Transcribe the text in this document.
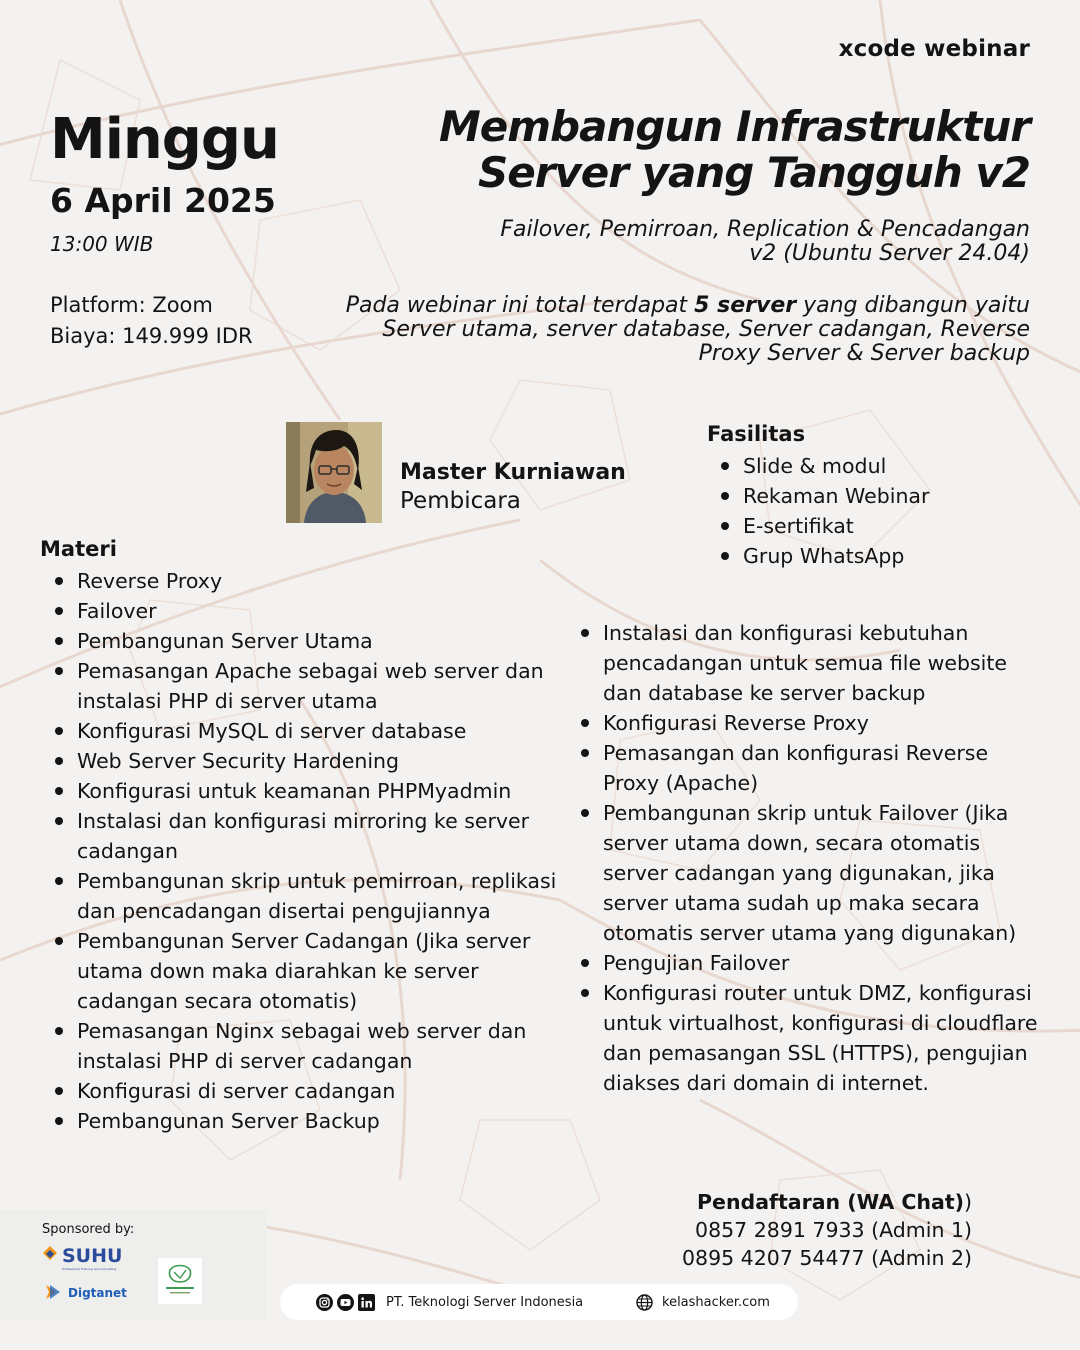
xcode webinar
Minggu
6 April 2025
13:00 WIB
Platform: Zoom
Biaya: 149.999 IDR
Membangun Infrastruktur
Server yang Tangguh v2
Failover, Pemirroan, Replication & Pencadangan v2 (Ubuntu Server 24.04)
Pada webinar ini total terdapat 5 server yang dibangun yaitu Server utama, server database, Server cadangan, Reverse Proxy Server & Server backup
Master Kurniawan
Pembicara
Fasilitas
Slide & modul
Rekaman Webinar
E-sertifikat
Grup WhatsApp
Materi
Reverse Proxy
Failover
Pembangunan Server Utama
Pemasangan Apache sebagai web server dan instalasi PHP di server utama
Konfigurasi MySQL di server database
Web Server Security Hardening
Konfigurasi untuk keamanan PHPMyadmin
Instalasi dan konfigurasi mirroring ke server cadangan
Pembangunan skrip untuk pemirroan, replikasi dan pencadangan disertai pengujiannya
Pembangunan Server Cadangan (Jika server utama down maka diarahkan ke server cadangan secara otomatis)
Pemasangan Nginx sebagai web server dan instalasi PHP di server cadangan
Konfigurasi di server cadangan
Pembangunan Server Backup
Instalasi dan konfigurasi kebutuhan pencadangan untuk semua file website dan database ke server backup
Konfigurasi Reverse Proxy
Pemasangan dan konfigurasi Reverse Proxy (Apache)
Pembangunan skrip untuk Failover (Jika server utama down, secara otomatis server cadangan yang digunakan, jika server utama sudah up maka secara otomatis server utama yang digunakan)
Pengujian Failover
Konfigurasi router untuk DMZ, konfigurasi untuk virtualhost, konfigurasi di cloudflare dan pemasangan SSL (HTTPS), pengujian diakses dari domain di internet.
Pendaftaran (WA Chat))
0857 2891 7933 (Admin 1)
0895 4207 54477 (Admin 2)
Sponsored by:
SUHU
Professional Training and Consulting
Digtanet
PT. Teknologi Server Indonesia	kelashacker.com
